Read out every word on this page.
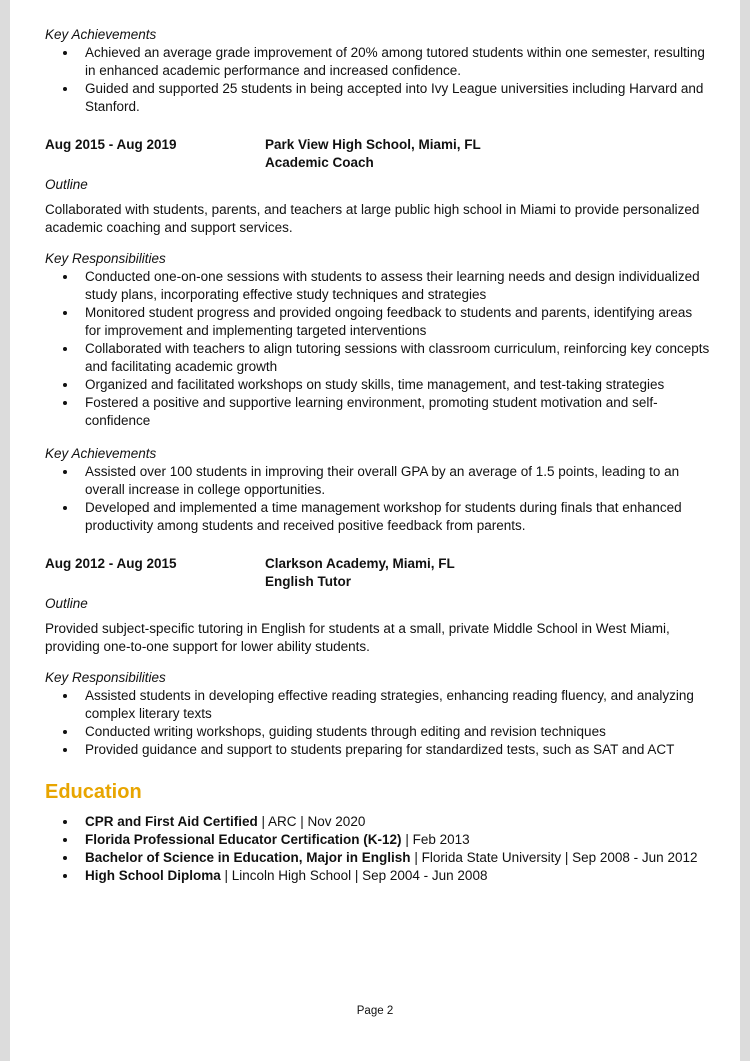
Key Achievements

Achieved an average grade improvement of 20% among tutored students within one semester, resulting in enhanced academic performance and increased confidence.
Guided and supported 25 students in being accepted into Ivy League universities including Harvard and Stanford.
Aug 2015 - Aug 2019	Park View High School, Miami, FL
Academic Coach

Outline

Collaborated with students, parents, and teachers at large public high school in Miami to provide personalized academic coaching and support services.

Key Responsibilities

Conducted one-on-one sessions with students to assess their learning needs and design individualized study plans, incorporating effective study techniques and strategies
Monitored student progress and provided ongoing feedback to students and parents, identifying areas for improvement and implementing targeted interventions
Collaborated with teachers to align tutoring sessions with classroom curriculum, reinforcing key concepts and facilitating academic growth
Organized and facilitated workshops on study skills, time management, and test-taking strategies
Fostered a positive and supportive learning environment, promoting student motivation and self-confidence

Key Achievements

Assisted over 100 students in improving their overall GPA by an average of 1.5 points, leading to an overall increase in college opportunities.
Developed and implemented a time management workshop for students during finals that enhanced productivity among students and received positive feedback from parents.
Aug 2012 - Aug 2015	Clarkson Academy, Miami, FL
English Tutor

Outline

Provided subject-specific tutoring in English for students at a small, private Middle School in West Miami, providing one-to-one support for lower ability students.

Key Responsibilities

Assisted students in developing effective reading strategies, enhancing reading fluency, and analyzing complex literary texts
Conducted writing workshops, guiding students through editing and revision techniques
Provided guidance and support to students preparing for standardized tests, such as SAT and ACT
Education
CPR and First Aid Certified | ARC | Nov 2020
Florida Professional Educator Certification (K-12) | Feb 2013
Bachelor of Science in Education, Major in English | Florida State University | Sep 2008 - Jun 2012
High School Diploma | Lincoln High School | Sep 2004 - Jun 2008
Page 2
